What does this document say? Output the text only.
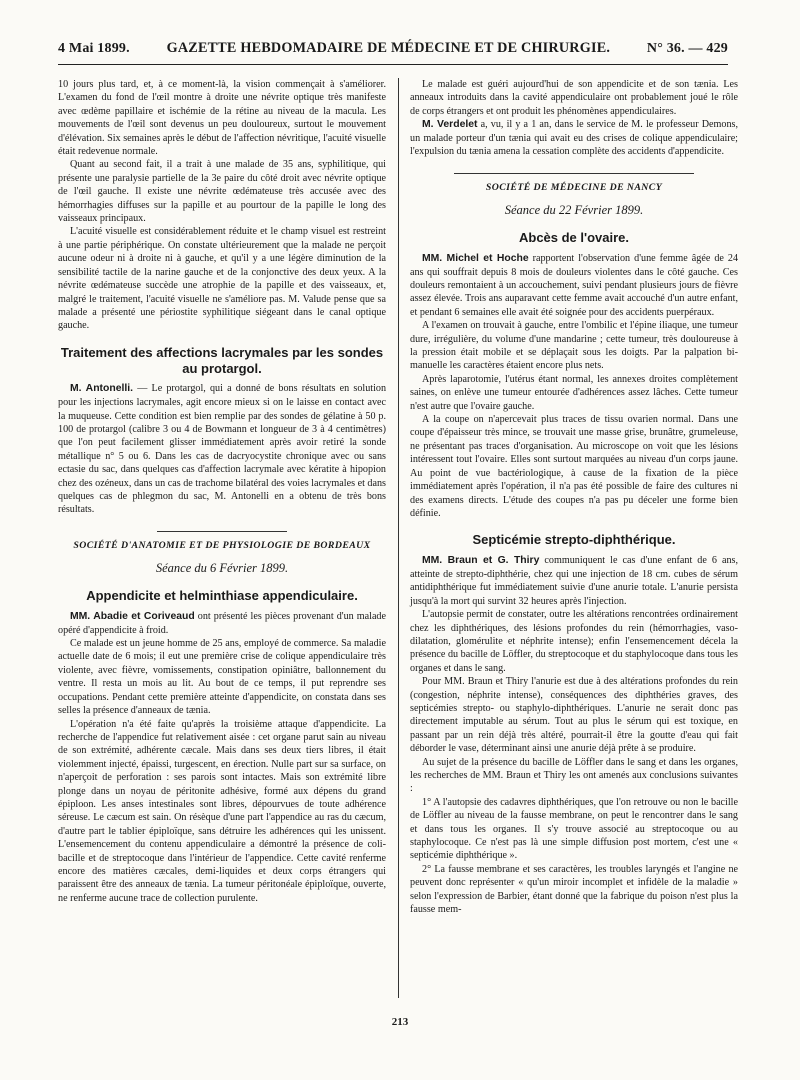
4 Mai 1899.	GAZETTE HEBDOMADAIRE DE MÉDECINE ET DE CHIRURGIE.	N° 36. — 429

10 jours plus tard, et, à ce moment-là, la vision commençait à s'améliorer. L'examen du fond de l'œil montre à droite une névrite optique très manifeste avec œdème papillaire et ischémie de la rétine au niveau de la macula. Les mouvements de l'œil sont devenus un peu douloureux, surtout le mouvement d'élévation. Six semaines après le début de l'affection névritique, l'acuité visuelle était redevenue normale.

Quant au second fait, il a trait à une malade de 35 ans, syphilitique, qui présente une paralysie partielle de la 3e paire du côté droit avec névrite optique de l'œil gauche. Il existe une névrite œdémateuse très accusée avec des hémorrhagies diffuses sur la papille et au pourtour de la papille le long des vaisseaux principaux.

L'acuité visuelle est considérablement réduite et le champ visuel est restreint à une partie périphérique. On constate ultérieurement que la malade ne perçoit aucune odeur ni à droite ni à gauche, et qu'il y a une légère diminution de la sensibilité tactile de la narine gauche et de la conjonctive des deux yeux. A la névrite œdémateuse succède une atrophie de la papille et des vaisseaux, et, malgré le traitement, l'acuité visuelle ne s'améliore pas. M. Valude pense que sa malade a présenté une périostite syphilitique siégeant dans le canal optique gauche.

Traitement des affections lacrymales par les sondes au protargol.

M. Antonelli. — Le protargol, qui a donné de bons résultats en solution pour les injections lacrymales, agit encore mieux si on le laisse en contact avec la muqueuse. Cette condition est bien remplie par des sondes de gélatine à 50 p. 100 de protargol (calibre 3 ou 4 de Bowmann et longueur de 3 à 4 centimètres) que l'on peut facilement glisser immédiatement après avoir retiré la sonde métallique n° 5 ou 6. Dans les cas de dacryocystite chronique avec ou sans ectasie du sac, dans quelques cas d'affection lacrymale avec kératite à hipopion chez des ozéneux, dans un cas de trachome bilatéral des voies lacrymales et dans quelques cas de phlegmon du sac, M. Antonelli en a obtenu de très bons résultats.

SOCIÉTÉ D'ANATOMIE ET DE PHYSIOLOGIE DE BORDEAUX
Séance du 6 Février 1899.
Appendicite et helminthiase appendiculaire.

MM. Abadie et Coriveaud ont présenté les pièces provenant d'un malade opéré d'appendicite à froid.

Ce malade est un jeune homme de 25 ans, employé de commerce. Sa maladie actuelle date de 6 mois; il eut une première crise de colique appendiculaire très violente, avec fièvre, vomissements, constipation opiniâtre, ballonnement du ventre. Il resta un mois au lit. Au bout de ce temps, il put reprendre ses occupations. Pendant cette première atteinte d'appendicite, on constata dans ses selles la présence d'anneaux de tænia.

L'opération n'a été faite qu'après la troisième attaque d'appendicite. La recherche de l'appendice fut relativement aisée : cet organe parut sain au niveau de son extrémité, adhérente cæcale. Mais dans ses deux tiers libres, il était violemment injecté, épaissi, turgescent, en érection. Nulle part sur sa surface, on n'aperçoit de perforation : ses parois sont intactes. Mais son extrémité libre plonge dans un noyau de péritonite adhésive, formé aux dépens du grand épiploon. Les anses intestinales sont libres, dépourvues de toute adhérence séreuse. Le cæcum est sain. On résèque d'une part l'appendice au ras du cæcum, d'autre part le tablier épiploïque, sans détruire les adhérences qui les unissent. L'ensemencement du contenu appendiculaire a démontré la présence de coli-bacille et de streptocoque dans l'intérieur de l'appendice. Cette cavité renferme encore des matières cæcales, demi-liquides et deux corps étrangers qui paraissent être des anneaux de tænia. La tumeur péritonéale épiploïque, ouverte, ne renferme aucune trace de collection purulente.

Le malade est guéri aujourd'hui de son appendicite et de son tænia. Les anneaux introduits dans la cavité appendiculaire ont probablement joué le rôle de corps étrangers et ont produit les phénomènes appendiculaires.

M. Verdelet a, vu, il y a 1 an, dans le service de M. le professeur Demons, un malade porteur d'un tænia qui avait eu des crises de colique appendiculaire; l'expulsion du tænia amena la cessation complète des accidents d'appendicite.

SOCIÉTÉ DE MÉDECINE DE NANCY
Séance du 22 Février 1899.
Abcès de l'ovaire.

MM. Michel et Hoche rapportent l'observation d'une femme âgée de 24 ans qui souffrait depuis 8 mois de douleurs violentes dans le côté gauche. Ces douleurs remontaient à un accouchement, suivi pendant plusieurs jours de fièvre assez élevée. Trois ans auparavant cette femme avait accouché d'un autre enfant, et pendant 6 semaines elle avait été soignée pour des accidents puerpéraux.

A l'examen on trouvait à gauche, entre l'ombilic et l'épine iliaque, une tumeur dure, irrégulière, du volume d'une mandarine ; cette tumeur, très douloureuse à la pression était mobile et se déplaçait sous les doigts. Par la palpation bi-manuelle les caractères étaient encore plus nets.

Après laparotomie, l'utérus étant normal, les annexes droites complètement saines, on enlève une tumeur entourée d'adhérences assez lâches. Cette tumeur n'est autre que l'ovaire gauche.

A la coupe on n'apercevait plus traces de tissu ovarien normal. Dans une coupe d'épaisseur très mince, se trouvait une masse grise, brunâtre, grumeleuse, ne présentant pas traces d'organisation. Au microscope on voit que les lésions intéressent tout l'ovaire. Elles sont surtout marquées au niveau d'un corps jaune. Au point de vue bactériologique, à cause de la fixation de la pièce immédiatement après l'opération, il n'a pas été possible de faire des cultures ni des examens directs. L'étude des coupes n'a pas pu déceler une forme bien définie.

Septicémie strepto-diphthérique.

MM. Braun et G. Thiry communiquent le cas d'une enfant de 6 ans, atteinte de strepto-diphthérie, chez qui une injection de 18 cm. cubes de sérum antidiphthérique fut immédiatement suivie d'une anurie totale. L'anurie persista jusqu'à la mort qui survint 32 heures après l'injection.

L'autopsie permit de constater, outre les altérations rencontrées ordinairement chez les diphthériques, des lésions profondes du rein (hémorrhagies, vaso-dilatation, glomérulite et néphrite intense); enfin l'ensemencement décela la présence du bacille de Löffler, du streptocoque et du staphylocoque dans tous les organes et dans le sang.

Pour MM. Braun et Thiry l'anurie est due à des altérations profondes du rein (congestion, néphrite intense), conséquences des diphthéries graves, des septicémies strepto- ou staphylo-diphthériques. L'anurie ne serait donc pas directement imputable au sérum. Tout au plus le sérum qui est toxique, en passant par un rein déjà très altéré, pourrait-il être la goutte d'eau qui fait déborder le vase, déterminant ainsi une anurie déjà prête à se produire.

Au sujet de la présence du bacille de Löffler dans le sang et dans les organes, les recherches de MM. Braun et Thiry les ont amenés aux conclusions suivantes :

1° A l'autopsie des cadavres diphthériques, que l'on retrouve ou non le bacille de Löffler au niveau de la fausse membrane, on peut le rencontrer dans le sang et dans tous les organes. Il s'y trouve associé au streptocoque ou au staphylocoque. Ce n'est pas là une simple diffusion post mortem, c'est une « septicémie diphthérique ».

2° La fausse membrane et ses caractères, les troubles laryngés et l'angine ne peuvent donc représenter « qu'un miroir incomplet et infidèle de la maladie » selon l'expression de Barbier, étant donné que la fabrique du poison n'est plus la fausse mem-

213
